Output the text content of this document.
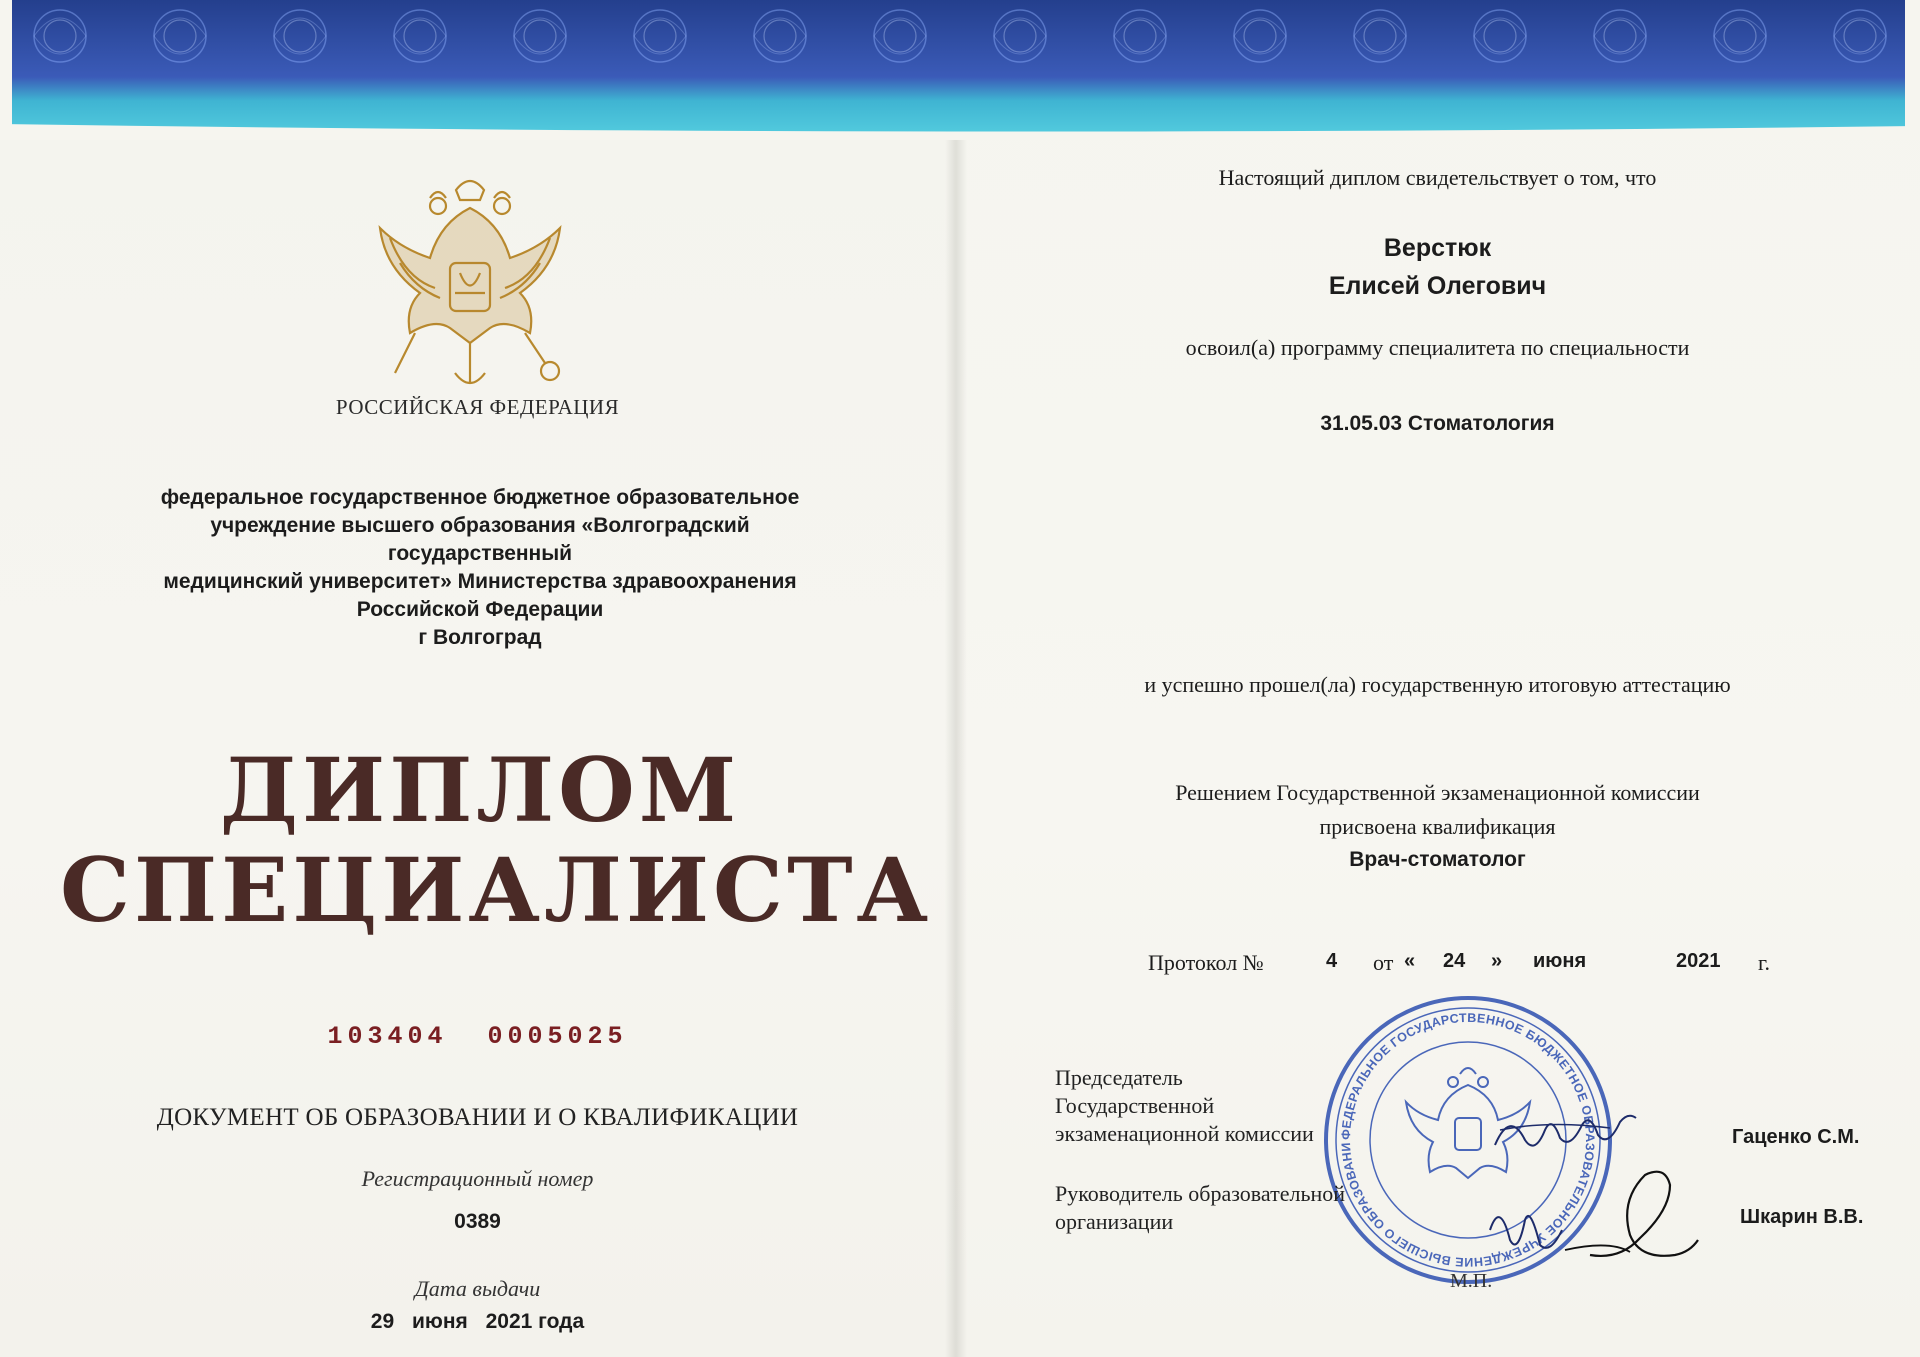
РОССИЙСКАЯ ФЕДЕРАЦИЯ
федеральное государственное бюджетное образовательное
учреждение высшего образования «Волгоградский государственный
медицинский университет» Министерства здравоохранения
Российской Федерации
г Волгоград
ДИПЛОМ
СПЕЦИАЛИСТА
103404  0005025
ДОКУМЕНТ ОБ ОБРАЗОВАНИИ И О КВАЛИФИКАЦИИ
Регистрационный номер
0389
Дата выдачи
29 июня 2021 года
Настоящий диплом свидетельствует о том, что
Верстюк
Елисей Олегович
освоил(а) программу специалитета по специальности
31.05.03 Стоматология
и успешно прошел(ла) государственную итоговую аттестацию
Решением Государственной экзаменационной комиссии
присвоена квалификация
Врач-стоматолог
Протокол №	4 от « 24 » июня	2021 г.
ФЕДЕРАЛЬНОЕ ГОСУДАРСТВЕННОЕ БЮДЖЕТНОЕ ОБРАЗОВАТЕЛЬНОЕ УЧРЕЖДЕНИЕ ВЫСШЕГО ОБРАЗОВАНИ
Председатель
Государственной
экзаменационной комиссии	Гаценко С.М.
Руководитель образовательной
организации	Шкарин В.В.
М.П.
